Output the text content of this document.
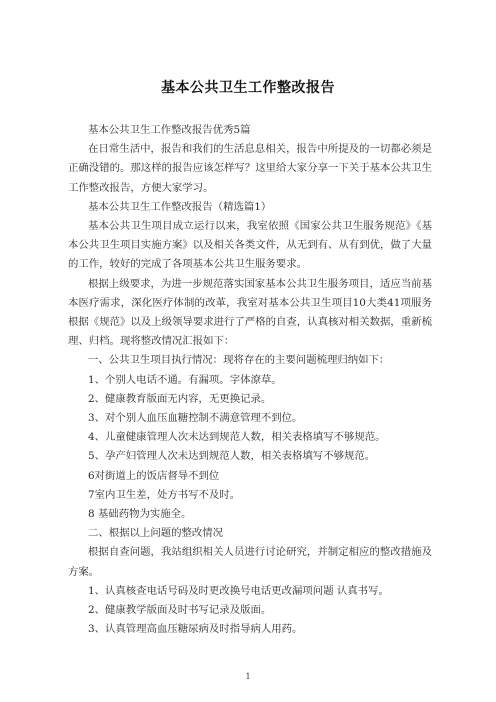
基本公共卫生工作整改报告

基本公共卫生工作整改报告优秀5篇

在日常生活中，报告和我们的生活息息相关，报告中所提及的一切都必须是正确没错的。那这样的报告应该怎样写？这里给大家分享一下关于基本公共卫生工作整改报告，方便大家学习。

基本公共卫生工作整改报告（精选篇1）

基本公共卫生项目成立运行以来，我室依照《国家公共卫生服务规范》《基本公共卫生项目实施方案》以及相关各类文件，从无到有、从有到优，做了大量的工作，较好的完成了各项基本公共卫生服务要求。

根据上级要求，为进一步规范落实国家基本公共卫生服务项目，适应当前基本医疗需求，深化医疗体制的改革，我室对基本公共卫生项目10大类41项服务根据《规范》以及上级领导要求进行了严格的自查，认真核对相关数据，重新梳理、归档。现将整改情况汇报如下：

一、公共卫生项目执行情况：现将存在的主要问题梳理归纳如下：

1、个别人电话不通。有漏项。字体潦草。

2、健康教育版面无内容，无更换记录。

3、对个别人血压血糖控制不满意管理不到位。

4、儿童健康管理人次未达到规范人数，相关表格填写不够规范。

5、孕产妇管理人次未达到规范人数，相关表格填写不够规范。

6对街道上的饭店督导不到位

7室内卫生差，处方书写不及时。

8 基础药物为实施全。

二、根据以上问题的整改情况

根据自查问题，我站组织相关人员进行讨论研究，并制定相应的整改措施及方案。

1、认真核查电话号码及时更改换号电话更改漏项问题 认真书写。

2、健康教学版面及时书写记录及版面。

3、认真管理高血压糖尿病及时指导病人用药。

1
